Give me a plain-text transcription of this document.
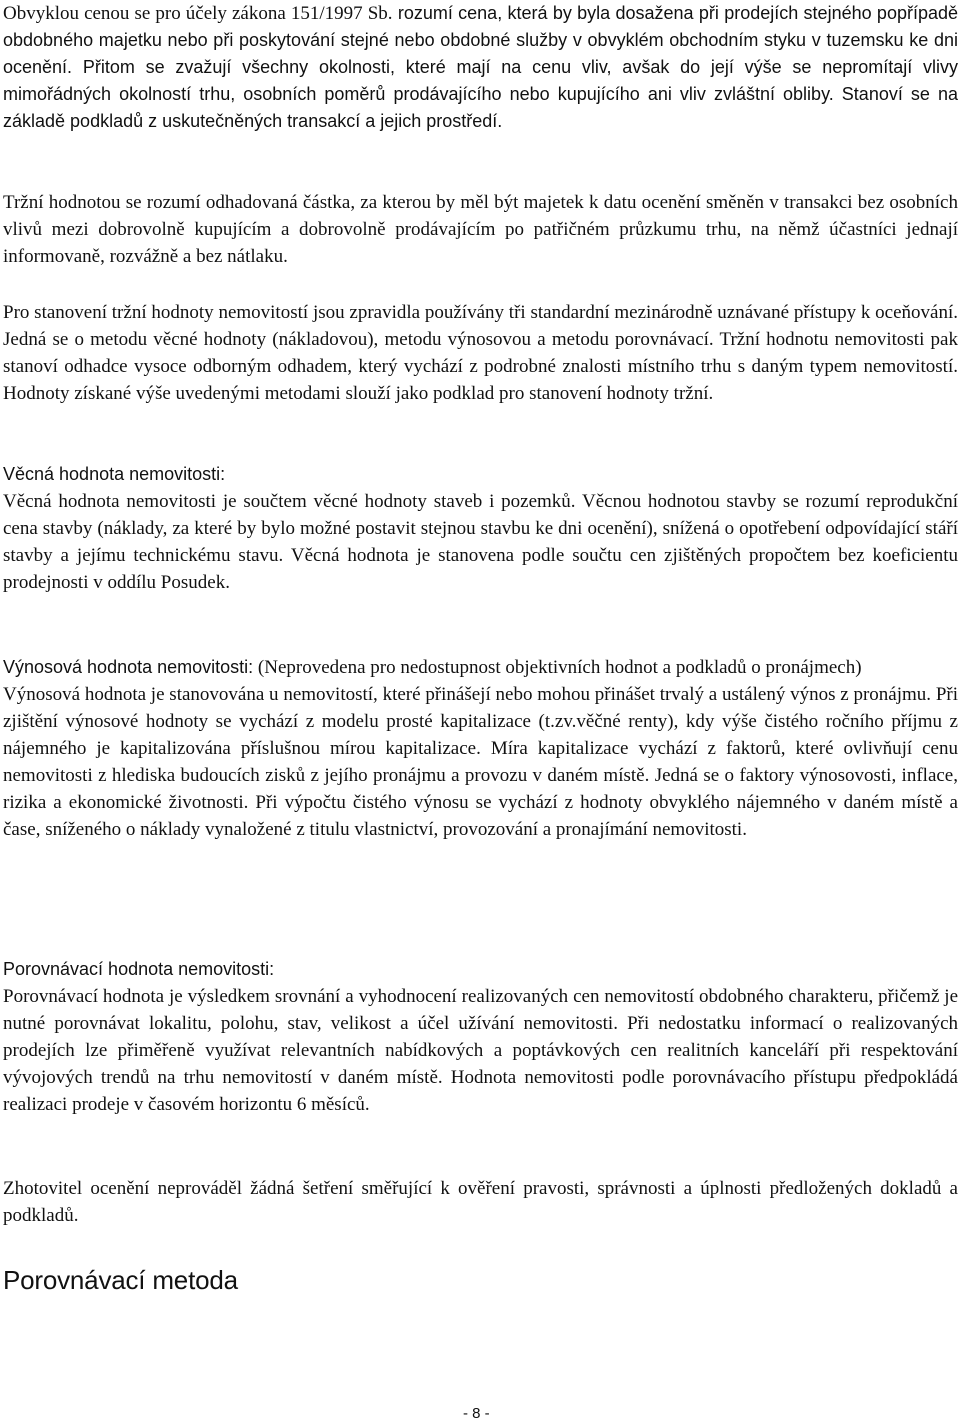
Obvyklou cenou se pro účely zákona 151/1997 Sb. rozumí cena, která by byla dosažena při prodejích stejného popřípadě obdobného majetku nebo při poskytování stejné nebo obdobné služby v obvyklém obchodním styku v tuzemsku ke dni ocenění. Přitom se zvažují všechny okolnosti, které mají na cenu vliv, avšak do její výše se nepromítají vlivy mimořádných okolností trhu, osobních poměrů prodávajícího nebo kupujícího ani vliv zvláštní obliby. Stanoví se na základě podkladů z uskutečněných transakcí a jejich prostředí.

Tržní hodnotou se rozumí odhadovaná částka, za kterou by měl být majetek k datu ocenění směněn v transakci bez osobních vlivů mezi dobrovolně kupujícím a dobrovolně prodávajícím po patřičném průzkumu trhu, na němž účastníci jednají informovaně, rozvážně a bez nátlaku.

Pro stanovení tržní hodnoty nemovitostí jsou zpravidla používány tři standardní mezinárodně uznávané přístupy k oceňování. Jedná se o metodu věcné hodnoty (nákladovou), metodu výnosovou a metodu porovnávací. Tržní hodnotu nemovitosti pak stanoví odhadce vysoce odborným odhadem, který vychází z podrobné znalosti místního trhu s daným typem nemovitostí. Hodnoty získané výše uvedenými metodami slouží jako podklad pro stanovení hodnoty tržní.

Věcná hodnota nemovitosti:

Věcná hodnota nemovitosti je součtem věcné hodnoty staveb i pozemků. Věcnou hodnotou stavby se rozumí reprodukční cena stavby (náklady, za které by bylo možné postavit stejnou stavbu ke dni ocenění), snížená o opotřebení odpovídající stáří stavby a jejímu technickému stavu. Věcná hodnota je stanovena podle součtu cen zjištěných propočtem bez koeficientu prodejnosti v oddílu Posudek.

Výnosová hodnota nemovitosti: (Neprovedena pro nedostupnost objektivních hodnot a podkladů o pronájmech)

Výnosová hodnota je stanovována u nemovitostí, které přinášejí nebo mohou přinášet trvalý a ustálený výnos z pronájmu. Při zjištění výnosové hodnoty se vychází z modelu prosté kapitalizace (t.zv.věčné renty), kdy výše čistého ročního příjmu z nájemného je kapitalizována příslušnou mírou kapitalizace. Míra kapitalizace vychází z faktorů, které ovlivňují cenu nemovitosti z hlediska budoucích zisků z jejího pronájmu a provozu v daném místě. Jedná se o faktory výnosovosti, inflace, rizika a ekonomické životnosti. Při výpočtu čistého výnosu se vychází z hodnoty obvyklého nájemného v daném místě a čase, sníženého o náklady vynaložené z titulu vlastnictví, provozování a pronajímání nemovitosti.

Porovnávací hodnota nemovitosti:

Porovnávací hodnota je výsledkem srovnání a vyhodnocení realizovaných cen nemovitostí obdobného charakteru, přičemž je nutné porovnávat lokalitu, polohu, stav, velikost a účel užívání nemovitosti. Při nedostatku informací o realizovaných prodejích lze přiměřeně využívat relevantních nabídkových a poptávkových cen realitních kanceláří při respektování vývojových trendů na trhu nemovitostí v daném místě. Hodnota nemovitosti podle porovnávacího přístupu předpokládá realizaci prodeje v časovém horizontu 6 měsíců.

Zhotovitel ocenění neprováděl žádná šetření směřující k ověření pravosti, správnosti a úplnosti předložených dokladů a podkladů.

Porovnávací metoda
- 8 -
